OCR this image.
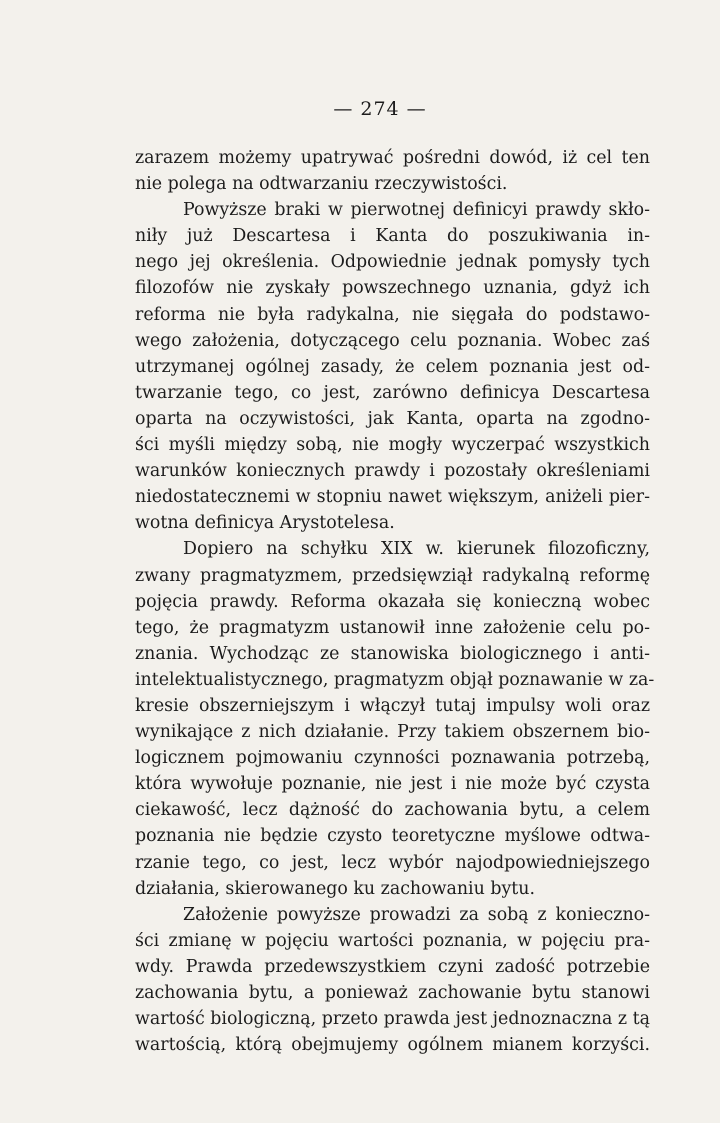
— 274 —
zarazem możemy upatrywać pośredni dowód, iż cel ten
nie polega na odtwarzaniu rzeczywistości.
Powyższe braki w pierwotnej definicyi prawdy skło-
niły już Descartesa i Kanta do poszukiwania in-
nego jej określenia. Odpowiednie jednak pomysły tych
filozofów nie zyskały powszechnego uznania, gdyż ich
reforma nie była radykalna, nie sięgała do podstawo-
wego założenia, dotyczącego celu poznania. Wobec zaś
utrzymanej ogólnej zasady, że celem poznania jest od-
twarzanie tego, co jest, zarówno definicya Descartesa
oparta na oczywistości, jak Kanta, oparta na zgodno-
ści myśli między sobą, nie mogły wyczerpać wszystkich
warunków koniecznych prawdy i pozostały określeniami
niedostatecznemi w stopniu nawet większym, aniżeli pier-
wotna definicya Arystotelesa.
Dopiero na schyłku XIX w. kierunek filozoficzny,
zwany pragmatyzmem, przedsięwziął radykalną reformę
pojęcia prawdy. Reforma okazała się konieczną wobec
tego, że pragmatyzm ustanowił inne założenie celu po-
znania. Wychodząc ze stanowiska biologicznego i anti-
intelektualistycznego, pragmatyzm objął poznawanie w za-
kresie obszerniejszym i włączył tutaj impulsy woli oraz
wynikające z nich działanie. Przy takiem obszernem bio-
logicznem pojmowaniu czynności poznawania potrzebą,
która wywołuje poznanie, nie jest i nie może być czysta
ciekawość, lecz dążność do zachowania bytu, a celem
poznania nie będzie czysto teoretyczne myślowe odtwa-
rzanie tego, co jest, lecz wybór najodpowiedniejszego
działania, skierowanego ku zachowaniu bytu.
Założenie powyższe prowadzi za sobą z konieczno-
ści zmianę w pojęciu wartości poznania, w pojęciu pra-
wdy. Prawda przedewszystkiem czyni zadość potrzebie
zachowania bytu, a ponieważ zachowanie bytu stanowi
wartość biologiczną, przeto prawda jest jednoznaczna z tą
wartością, którą obejmujemy ogólnem mianem korzyści.
